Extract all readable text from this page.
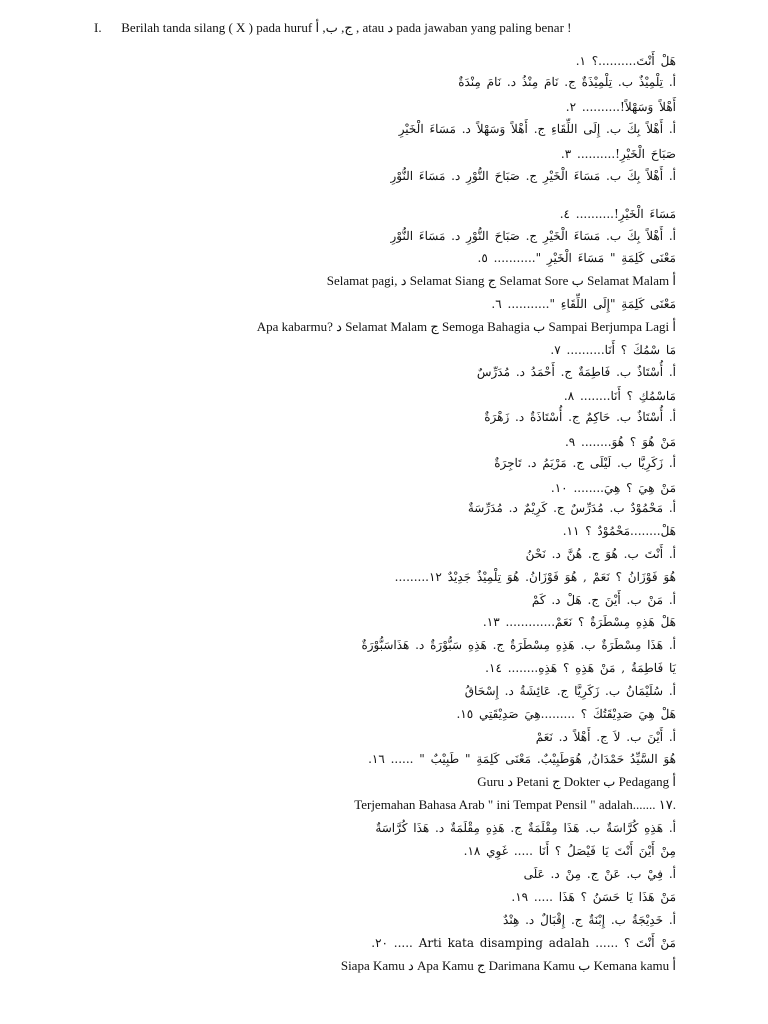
I. Berilah tanda silang ( X ) pada huruf ج, ب, أ , atau د pada jawaban yang paling benar !
هَلْ أَنْتَ..........؟ ١.
أ. تِلْمِيْذٌ ب. تِلْمِيْذَةٌ ج. نَامَ مِنْذُ د. نَامَ مِنْدَةٌ
أَهْلاً وَسَهْلاً!.......... ٢.
أ. أَهْلاً بِكَ ب. إِلَى اللِّقَاءِ ج. أَهْلاً وَسَهْلاً د. مَسَاءَ الْخَيْرِ
صَبَاحَ الْخَيْرِ!.......... ٣.
أ. أَهْلاً بِكَ ب. مَسَاءَ الْخَيْرِ ج. صَبَاحَ النُّوْرِ د. مَسَاءَ النُّوْرِ
مَسَاءَ الْخَيْرِ!.......... ٤.
أ. أَهْلاً بِكَ ب. مَسَاءَ الْخَيْرِ ج. صَبَاحَ النُّوْرِ د. مَسَاءَ النُّوْرِ
مَعْنَى كَلِمَةِ " مَسَاءَ الْخَيْرِ "........... ٥.
Selamat pagi, د Selamat Siang ج Selamat Sore ب Selamat Malam أ
مَعْنَى كَلِمَةِ "إِلَى اللِّقَاءِ "........... ٦.
Apa kabarmu? د Selamat Malam ج Semoga Bahagia ب Sampai Berjumpa Lagi أ
مَا سْمُكَ ؟ أَنَا.......... ٧.
أ. أُسْتَاذٌ ب. فَاطِمَةٌ ج. أَحْمَدُ د. مُدَرِّسٌ
مَاسْمُكِ ؟ أَنَا........ ٨.
أ. أُسْتَاذٌ ب. حَاكِمٌ ج. أُسْتَاذَةٌ د. زَهْرَةٌ
مَنْ هُوَ ؟ هُوَ........ ٩.
أ. زَكَرِيَّا ب. لَيْلَى ج. مَرْيَمُ د. تَاجِرَةٌ
مَنْ هِيَ ؟ هِيَ........ ١٠.
أ. مَحْمُوْدٌ ب. مُدَرِّسٌ ج. كَرِيْمٌ د. مُدَرِّسَةٌ
هَلْ........مَحْمُوْدٌ ؟ ١١.
أ. أَنْتَ ب. هُوَ ج. هُنَّ د. نَحْنُ
هُوَ فَوْزَانُ ؟ نَعَمْ , هُوَ فَوْزَانُ. هُوَ تِلْمِيْذٌ جَدِيْدٌ ١٢.........
أ. مَنْ ب. أَيْنَ ج. هَلْ د. كَمْ
هَلْ هَذِهِ مِسْطَرَةٌ ؟ نَعَمْ............. ١٣.
أ. هَذَا مِسْطَرَةٌ ب. هَذِهِ مِسْطَرَةٌ ج. هَذِهِ سَبُّوْرَةٌ د. هَذَاسَبُّوْرَةٌ
يَا فَاطِمَةُ , مَنْ هَذِهِ ؟ هَذِهِ........ ١٤.
أ. سُلَيْمَانُ ب. زَكَرِيَّا ج. عَائِشَةُ د. إِسْحَاقُ
هَلْ هِيَ صَدِيْقَتُكَ ؟ .........هِيَ صَدِيْقَتِي ١٥.
أ. أَيْنَ ب. لاَ ج. أَهْلاً د. نَعَمْ
هُوَ السَّيِّدُ حَمْدَانُ, هُوَطَبِيْبٌ. مَعْنَى كَلِمَةِ " طَبِيْبٌ " ...... ١٦.
Guru د Petani ج Dokter ب Pedagang أ
Terjemahan Bahasa Arab " ini Tempat Pensil " adalah....... ١٧.
أ. هَذِهِ كُرَّاسَةٌ ب. هَذَا مِقْلَمَةٌ ج. هَذِهِ مِقْلَمَةٌ د. هَذَا كُرَّاسَةٌ
مِنْ أَيْنَ أَنْتَ يَا فَيْصَلُ ؟ أَنَا ..... غَوِي ١٨.
أ. فِيْ ب. عَنْ ج. مِنْ د. عَلَى
مَنْ هَذَا يَا حَسَنُ ؟ هَذَا ..... ١٩.
أ. خَدِيْجَةُ ب. إِبْنَةٌ ج. إِقْبَالٌ د. هِنْدٌ
مَنْ أَنْتَ ؟ ...... Arti kata disamping adalah ..... ٢٠.
Siapa Kamu د Apa Kamu ج Darimana Kamu ب Kemana kamu أ
